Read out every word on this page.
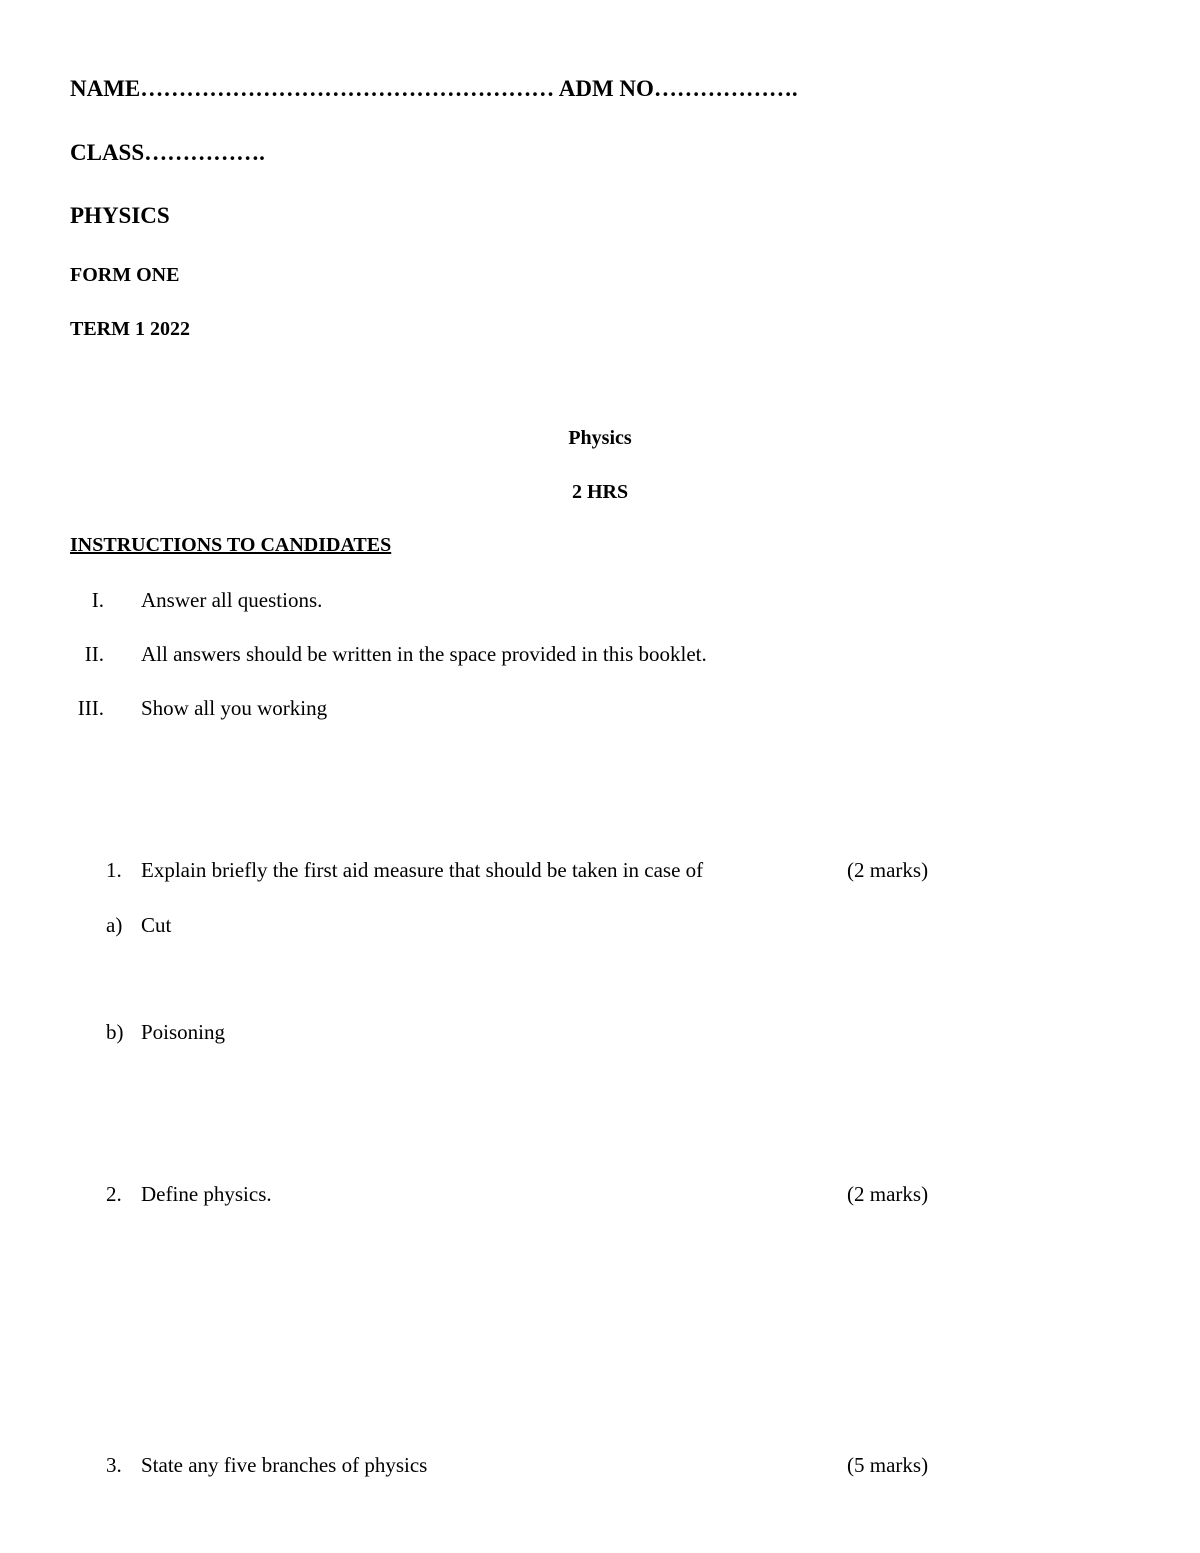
NAME……………………………………………… ADM NO……………….
CLASS…………….
PHYSICS
FORM ONE
TERM 1 2022
Physics
2 HRS
INSTRUCTIONS TO CANDIDATES
I. Answer all questions.
II. All answers should be written in the space provided in this booklet.
III. Show all you working
1. Explain briefly the first aid measure that should be taken in case of	(2 marks)
a) Cut
b) Poisoning
2. Define physics.	(2 marks)
3. State any five branches of physics	(5 marks)
